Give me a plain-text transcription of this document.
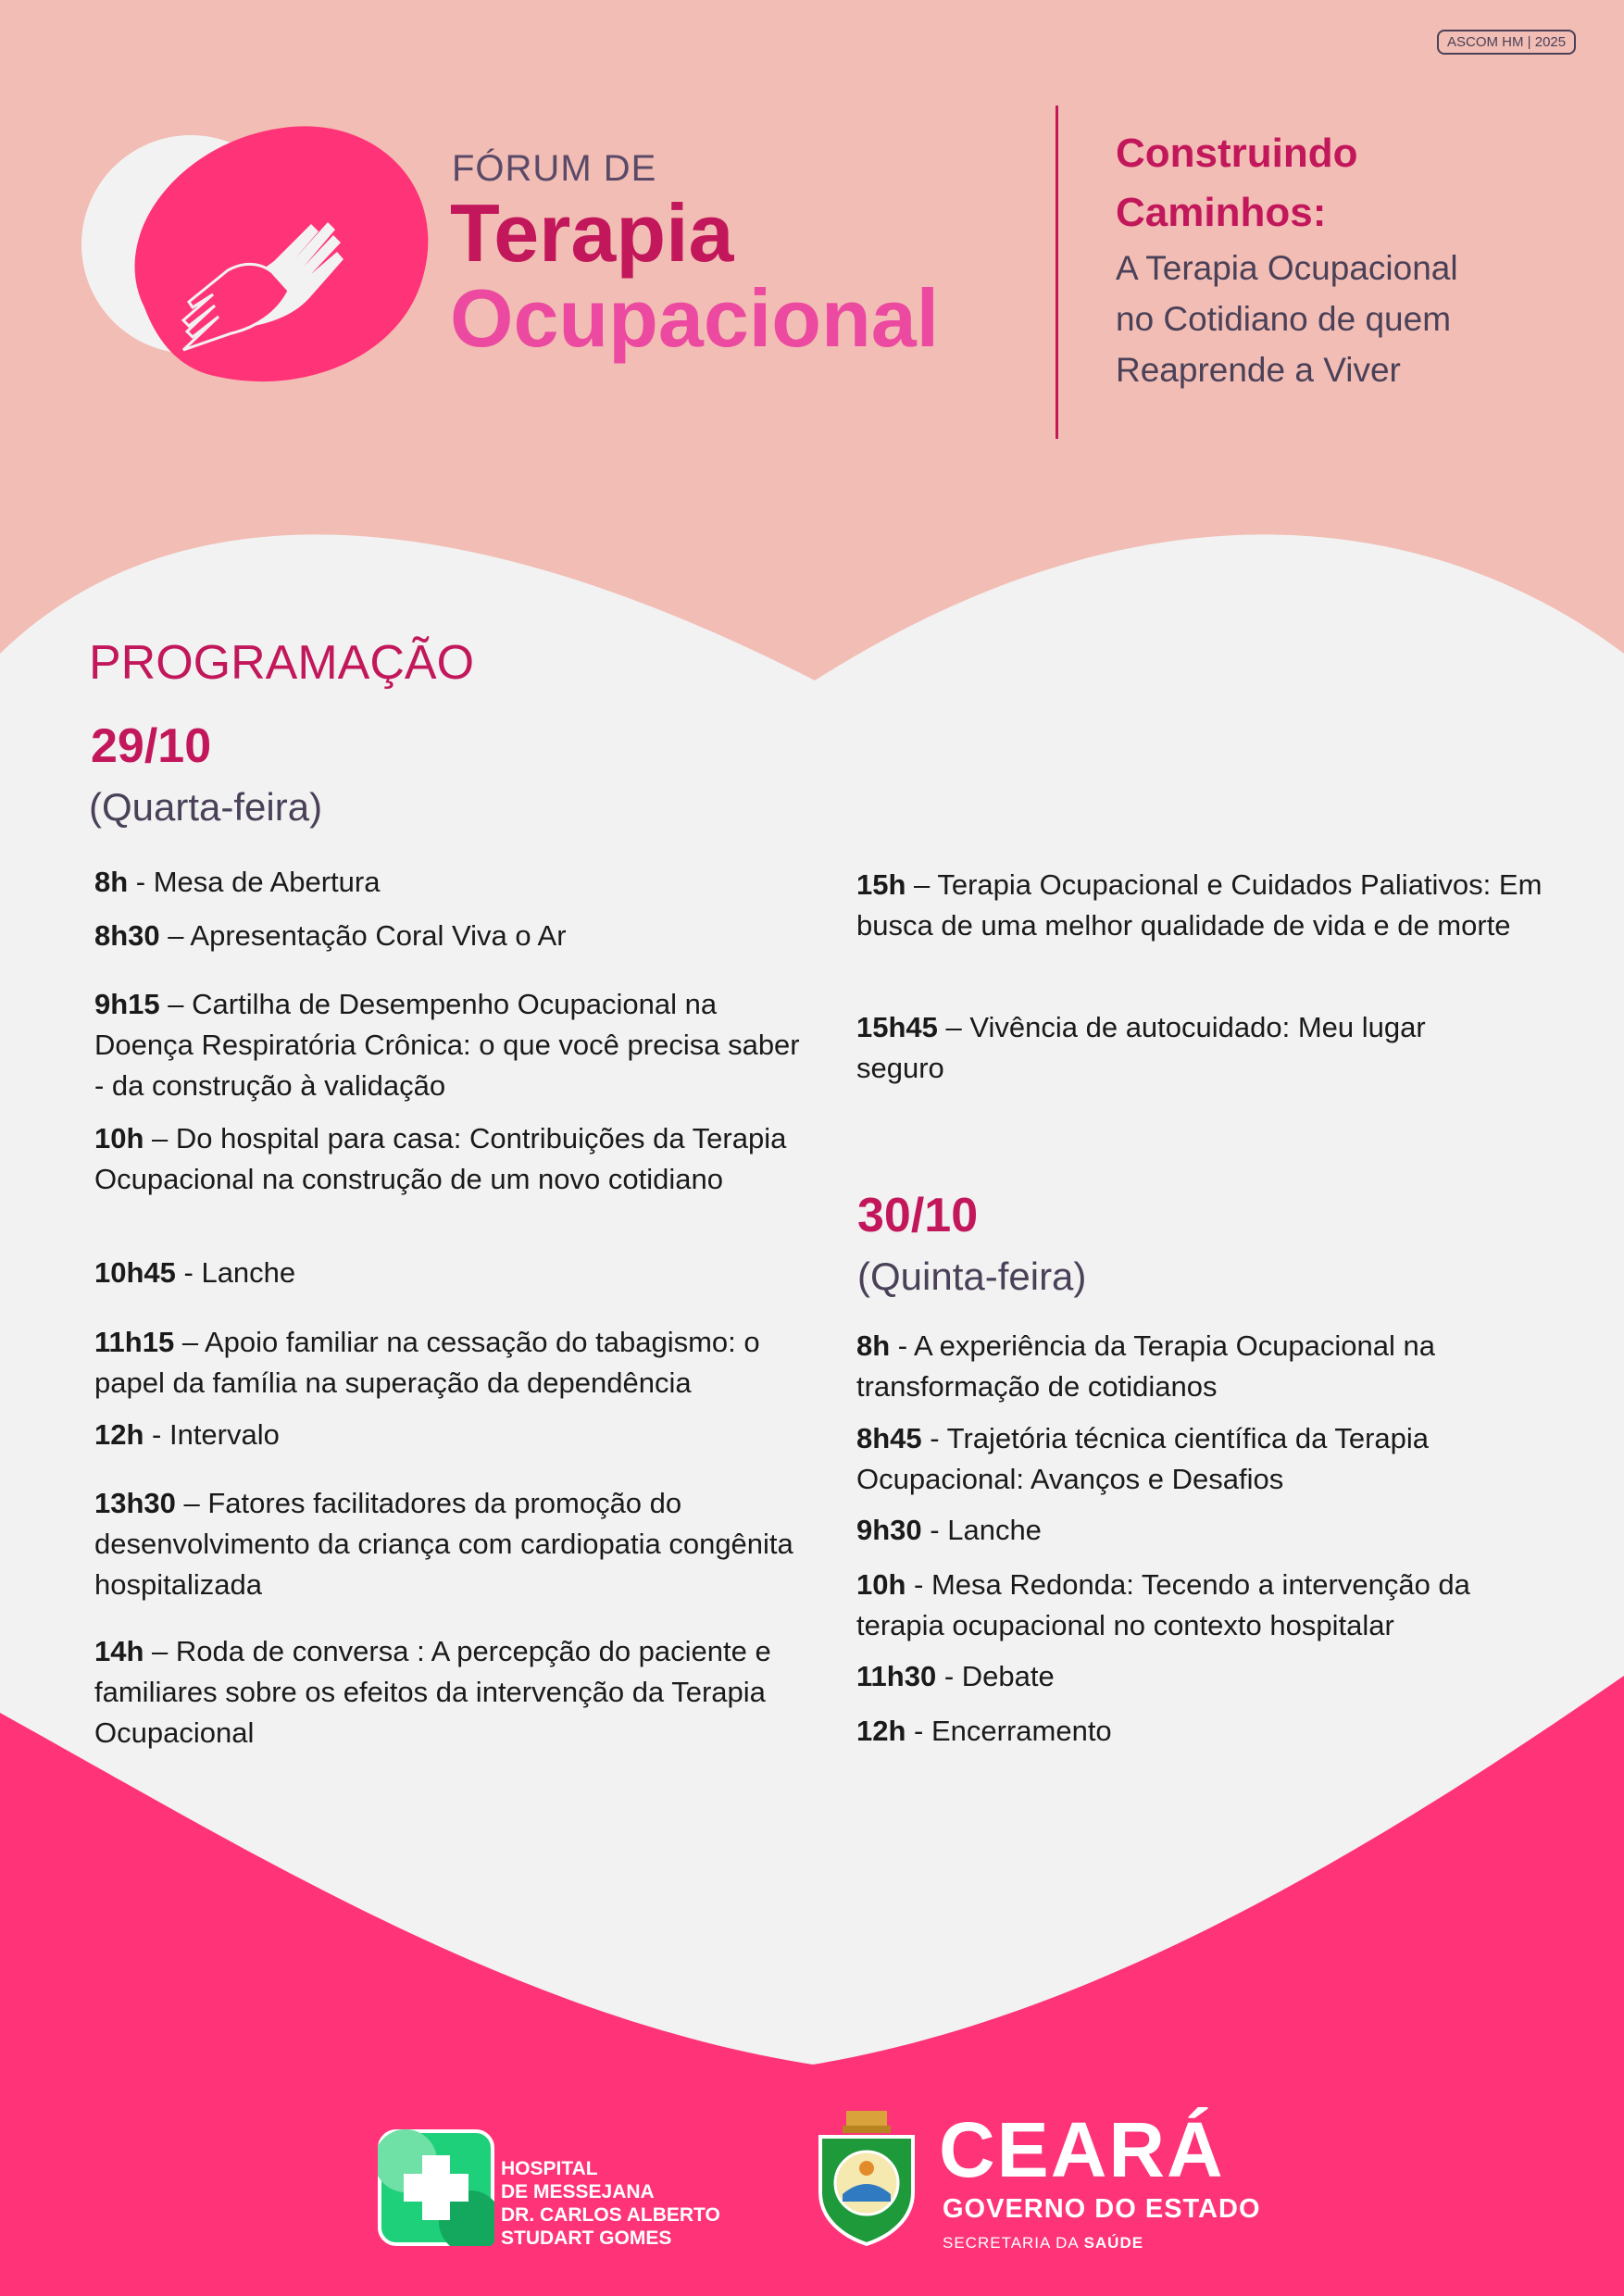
ASCOM HM | 2025
FÓRUM DE
Terapia
Ocupacional
Construindo
Caminhos:
A Terapia Ocupacional
no Cotidiano de quem
Reaprende a Viver
PROGRAMAÇÃO
29/10
(Quarta-feira)
8h - Mesa de Abertura
8h30 – Apresentação Coral Viva o Ar
9h15 – Cartilha de Desempenho Ocupacional na Doença Respiratória Crônica: o que você precisa saber - da construção à validação
10h – Do hospital para casa: Contribuições da Terapia Ocupacional na construção de um novo cotidiano
10h45 - Lanche
11h15 – Apoio familiar na cessação do tabagismo: o papel da família na superação da dependência
12h - Intervalo
13h30 – Fatores facilitadores da promoção do desenvolvimento da criança com cardiopatia congênita hospitalizada
14h – Roda de conversa : A percepção do paciente e familiares sobre os efeitos da intervenção da Terapia Ocupacional
15h – Terapia Ocupacional e Cuidados Paliativos: Em busca de uma melhor qualidade de vida e de morte
15h45 – Vivência de autocuidado: Meu lugar seguro
30/10
(Quinta-feira)
8h - A experiência da Terapia Ocupacional na transformação de cotidianos
8h45 - Trajetória técnica científica da Terapia Ocupacional: Avanços e Desafios
9h30 - Lanche
10h - Mesa Redonda: Tecendo a intervenção da terapia ocupacional no contexto hospitalar
11h30 - Debate
12h - Encerramento
HOSPITAL
DE MESSEJANA
DR. CARLOS ALBERTO
STUDART GOMES
CEARÁ
GOVERNO DO ESTADO
SECRETARIA DA SAÚDE
